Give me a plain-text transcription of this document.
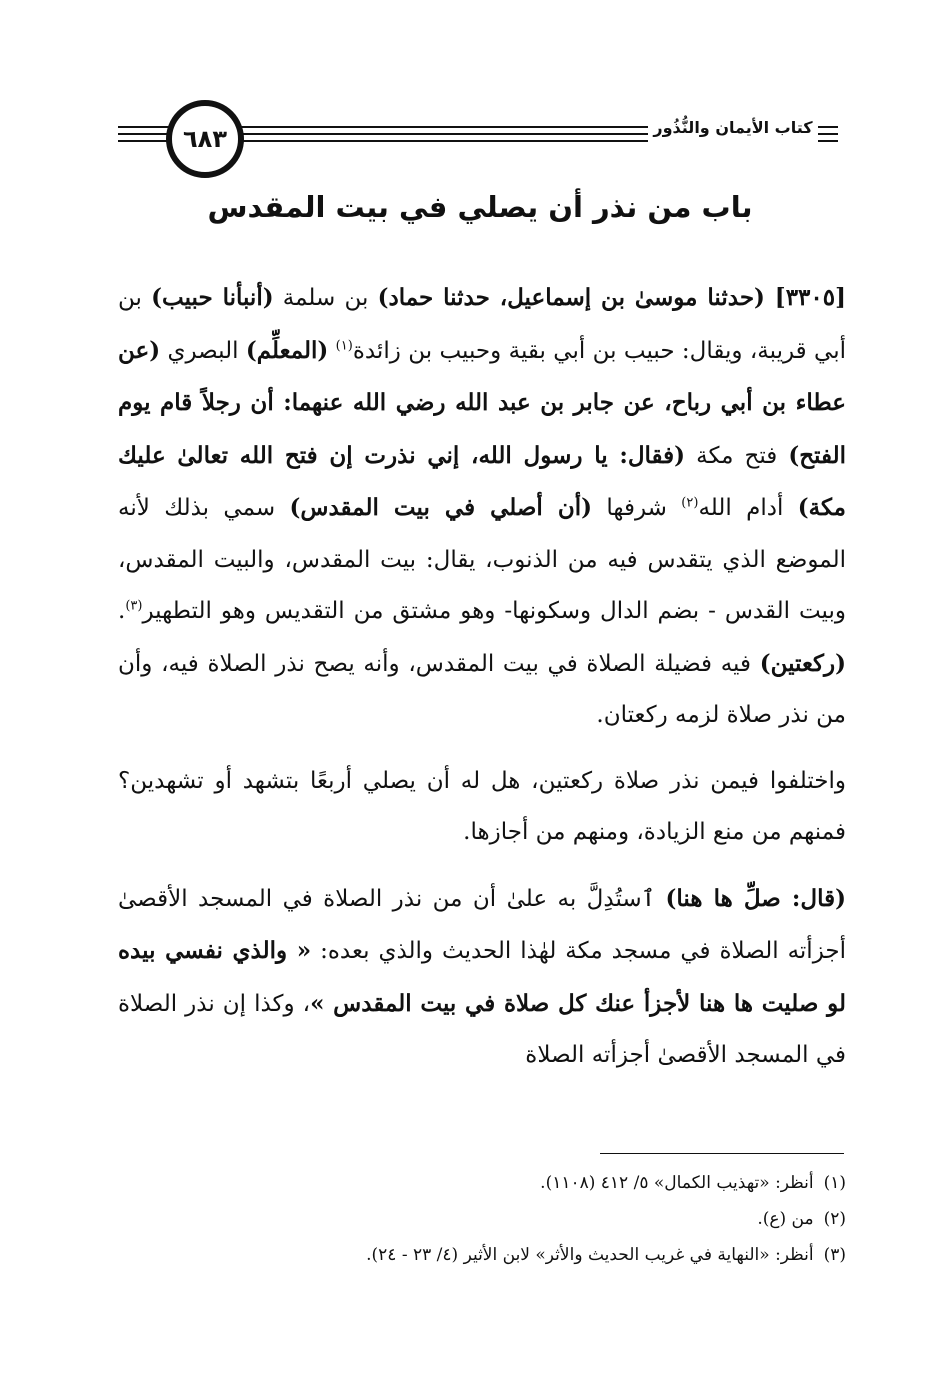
٦٨٣	كتاب الأيمان والنُّذُور
باب من نذر أن يصلي في بيت المقدس

[٣٣٠٥] (حدثنا موسىٰ بن إسماعيل، حدثنا حماد) بن سلمة (أنبأنا حبيب) بن أبي قريبة، ويقال: حبيب بن أبي بقية وحبيب بن زائدة$^{(١)}$ (المعلِّم) البصري (عن عطاء بن أبي رباح، عن جابر بن عبد الله رضي الله عنهما: أن رجلاً قام يوم الفتح) فتح مكة (فقال: يا رسول الله، إني نذرت إن فتح الله تعالىٰ عليك مكة) أدام الله$^{(٢)}$ شرفها (أن أصلي في بيت المقدس) سمي بذلك لأنه الموضع الذي يتقدس فيه من الذنوب، يقال: بيت المقدس، والبيت المقدس، وبيت القدس - بضم الدال وسكونها- وهو مشتق من التقديس وهو التطهير$^{(٣)}$. (ركعتين) فيه فضيلة الصلاة في بيت المقدس، وأنه يصح نذر الصلاة فيه، وأن من نذر صلاة لزمه ركعتان.

واختلفوا فيمن نذر صلاة ركعتين، هل له أن يصلي أربعًا بتشهد أو تشهدين؟ فمنهم من منع الزيادة، ومنهم من أجازها.

(قال: صلِّ ها هنا) ٱستُدِلَّ به علىٰ أن من نذر الصلاة في المسجد الأقصىٰ أجزأته الصلاة في مسجد مكة لهٰذا الحديث والذي بعده: « والذي نفسي بيده لو صليت ها هنا لأجزأ عنك كل صلاة في بيت المقدس »، وكذا إن نذر الصلاة في المسجد الأقصىٰ أجزأته الصلاة

(١)أنظر: «تهذيب الكمال» ٥/ ٤١٢ (١١٠٨).

(٢)من (ع).

(٣)أنظر: «النهاية في غريب الحديث والأثر» لابن الأثير (٤/ ٢٣ - ٢٤).
